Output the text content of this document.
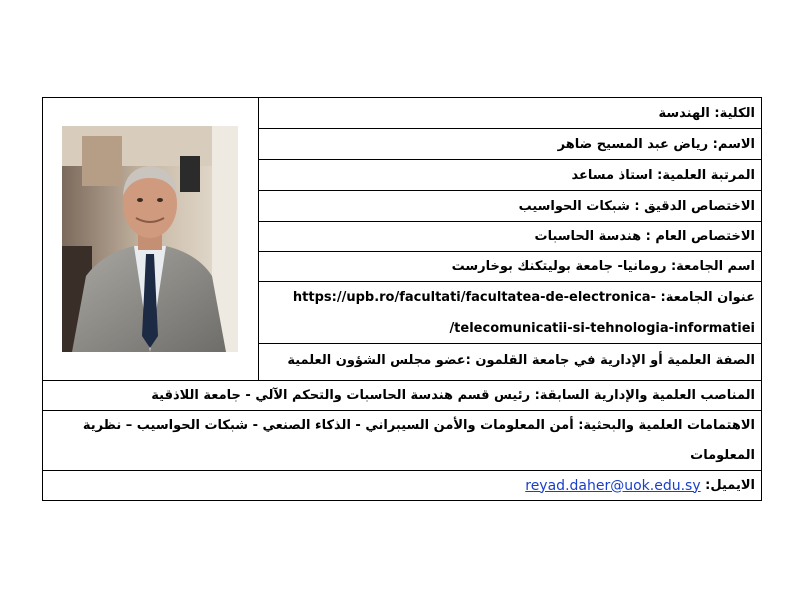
الكلية: الهندسة
الاسم: رياض عبد المسيح ضاهر
المرتبة العلمية: استاذ مساعد
الاختصاص الدقيق : شبكات الحواسيب
الاختصاص العام : هندسة الحاسبات
اسم الجامعة: رومانيا- جامعة بوليتكنك بوخارست
عنوان الجامعة: https://upb.ro/facultati/facultatea-de-electronica-
/telecomunicatii-si-tehnologia-informatiei
الصفة العلمية أو الإدارية في جامعة القلمون :عضو مجلس الشؤون العلمية
المناصب العلمية والإدارية السابقة: رئيس قسم هندسة الحاسبات والتحكم الآلي - جامعة اللاذقية
الاهتمامات العلمية والبحثية: أمن المعلومات والأمن السيبراني - الذكاء الصنعي - شبكات الحواسيب – نظرية المعلومات
الايميل:

reyad.daher@uok.edu.sy
